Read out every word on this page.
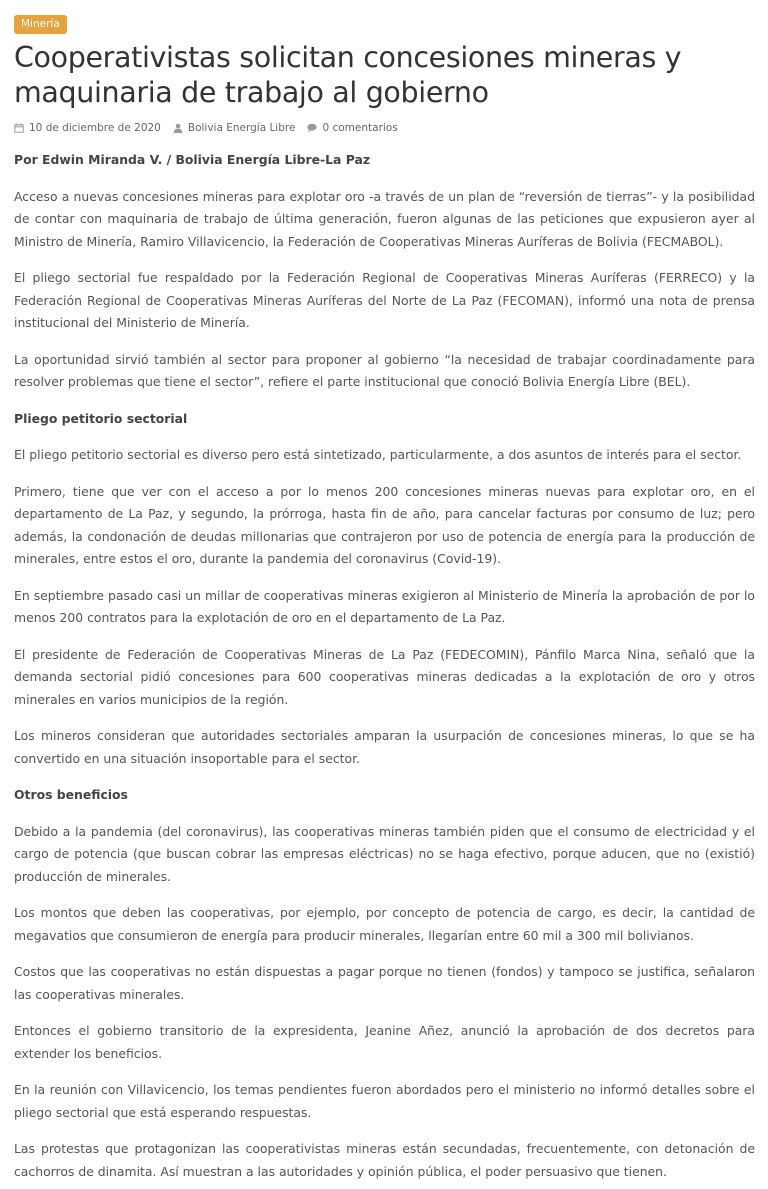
Minería
Cooperativistas solicitan concesiones mineras y maquinaria de trabajo al gobierno
10 de diciembre de 2020	Bolivia Energía Libre	0 comentarios

Por Edwin Miranda V. / Bolivia Energía Libre-La Paz

Acceso a nuevas concesiones mineras para explotar oro -a través de un plan de “reversión de tierras”- y la posibilidad de contar con maquinaria de trabajo de última generación, fueron algunas de las peticiones que expusieron ayer al Ministro de Minería, Ramiro Villavicencio, la Federación de Cooperativas Mineras Auríferas de Bolivia (FECMABOL).

El pliego sectorial fue respaldado por la Federación Regional de Cooperativas Mineras Auríferas (FERRECO) y la Federación Regional de Cooperativas Mineras Auríferas del Norte de La Paz (FECOMAN), informó una nota de prensa institucional del Ministerio de Minería.

La oportunidad sirvió también al sector para proponer al gobierno “la necesidad de trabajar coordinadamente para resolver problemas que tiene el sector”, refiere el parte institucional que conoció Bolivia Energía Libre (BEL).

Pliego petitorio sectorial

El pliego petitorio sectorial es diverso pero está sintetizado, particularmente, a dos asuntos de interés para el sector.

Primero, tiene que ver con el acceso a por lo menos 200 concesiones mineras nuevas para explotar oro, en el departamento de La Paz, y segundo, la prórroga, hasta fin de año, para cancelar facturas por consumo de luz; pero además, la condonación de deudas millonarias que contrajeron por uso de potencia de energía para la producción de minerales, entre estos el oro, durante la pandemia del coronavirus (Covid-19).

En septiembre pasado casi un millar de cooperativas mineras exigieron al Ministerio de Minería la aprobación de por lo menos 200 contratos para la explotación de oro en el departamento de La Paz.

El presidente de Federación de Cooperativas Mineras de La Paz (FEDECOMIN), Pánfilo Marca Nina, señaló que la demanda sectorial pidió concesiones para 600 cooperativas mineras dedicadas a la explotación de oro y otros minerales en varios municipios de la región.

Los mineros consideran que autoridades sectoriales amparan la usurpación de concesiones mineras, lo que se ha convertido en una situación insoportable para el sector.

Otros beneficios

Debido a la pandemia (del coronavirus), las cooperativas mineras también piden que el consumo de electricidad y el cargo de potencia (que buscan cobrar las empresas eléctricas) no se haga efectivo, porque aducen, que no (existió) producción de minerales.

Los montos que deben las cooperativas, por ejemplo, por concepto de potencia de cargo, es decir, la cantidad de megavatios que consumieron de energía para producir minerales, llegarían entre 60 mil a 300 mil bolivianos.

Costos que las cooperativas no están dispuestas a pagar porque no tienen (fondos) y tampoco se justifica, señalaron las cooperativas minerales.

Entonces el gobierno transitorio de la expresidenta, Jeanine Añez, anunció la aprobación de dos decretos para extender los beneficios.

En la reunión con Villavicencio, los temas pendientes fueron abordados pero el ministerio no informó detalles sobre el pliego sectorial que está esperando respuestas.

Las protestas que protagonizan las cooperativistas mineras están secundadas, frecuentemente, con detonación de cachorros de dinamita. Así muestran a las autoridades y opinión pública, el poder persuasivo que tienen.
